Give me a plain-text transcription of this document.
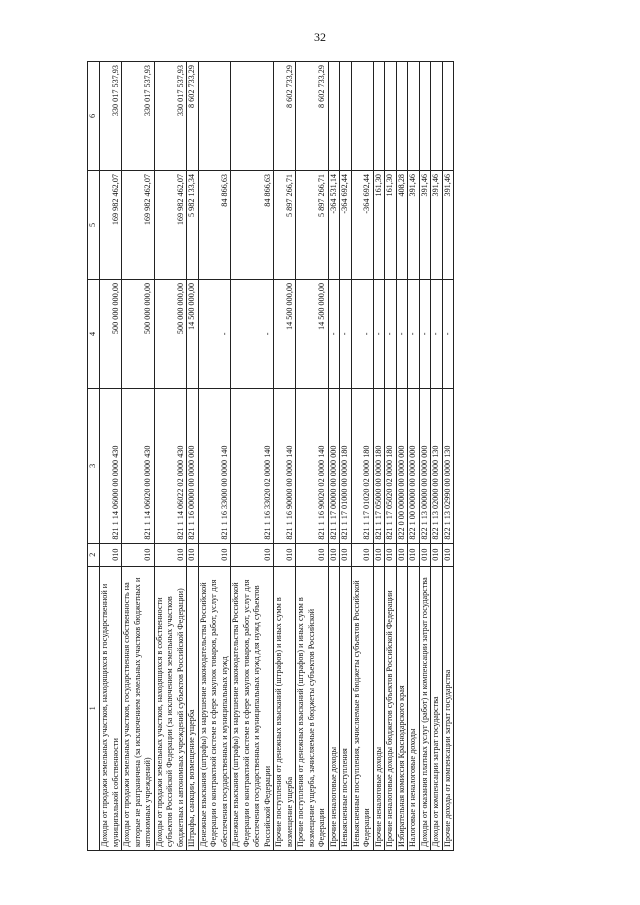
32
1	2	3	4	5	6
Доходы от продажи земельных участков, находящихся в государственной и муниципальной собственности	010	821 1 14 06000 00 0000 430	500 000 000,00	169 982 462,07	330 017 537,93
Доходы от продажи земельных участков, государственная собственность на которые не разграничена (за исключением земельных участков бюджетных и автономных учреждений)	010	821 1 14 06020 00 0000 430	500 000 000,00	169 982 462,07	330 017 537,93
Доходы от продажи земельных участков, находящихся в собственности субъектов Российской Федерации (за исключением земельных участков бюджетных и автономных учреждений субъектов Российской Федерации)	010	821 1 14 06022 02 0000 430	500 000 000,00	169 982 462,07	330 017 537,93
Штрафы, санкции, возмещение ущерба	010	821 1 16 00000 00 0000 000	14 500 000,00	5 982 133,34	8 602 733,29
Денежные взыскания (штрафы) за нарушение законодательства Российской Федерации о контрактной системе в сфере закупок товаров, работ, услуг для обеспечения государственных и муниципальных нужд	010	821 1 16 33000 00 0000 140	-	84 866,63	
Денежные взыскания (штрафы) за нарушение законодательства Российской Федерации о контрактной системе в сфере закупок товаров, работ, услуг для обеспечения государственных и муниципальных нужд для нужд субъектов Российской Федерации	010	821 1 16 33020 02 0000 140	-	84 866,63	
Прочие поступления от денежных взысканий (штрафов) и иных сумм в возмещение ущерба	010	821 1 16 90000 00 0000 140	14 500 000,00	5 897 266,71	8 602 733,29
Прочие поступления от денежных взысканий (штрафов) и иных сумм в возмещение ущерба, зачисляемые в бюджеты субъектов Российской Федерации	010	821 1 16 90020 02 0000 140	14 500 000,00	5 897 266,71	8 602 733,29
Прочие неналоговые доходы	010	821 1 17 00000 00 0000 000	-	-364 531,14	
Невыясненные поступления	010	821 1 17 01000 00 0000 180	-	-364 692,44	
Невыясненные поступления, зачисляемые в бюджеты субъектов Российской Федерации	010	821 1 17 01020 02 0000 180	-	-364 692,44	
Прочие неналоговые доходы	010	821 1 17 05000 00 0000 180	-	161,30	
Прочие неналоговые доходы бюджетов субъектов Российской Федерации	010	821 1 17 05020 02 0000 180	-	161,30	
Избирательная комиссия Краснодарского края	010	822 0 00 00000 00 0000 000	-	408,28	
Налоговые и неналоговые доходы	010	822 1 00 00000 00 0000 000	-	391,46	
Доходы от оказания платных услуг (работ) и компенсации затрат государства	010	822 1 13 00000 00 0000 000	-	391,46	
Доходы от компенсации затрат государства	010	822 1 13 02000 00 0000 130	-	391,46	
Прочие доходы от компенсации затрат государства	010	822 1 13 02990 00 0000 130	-	391,46	
